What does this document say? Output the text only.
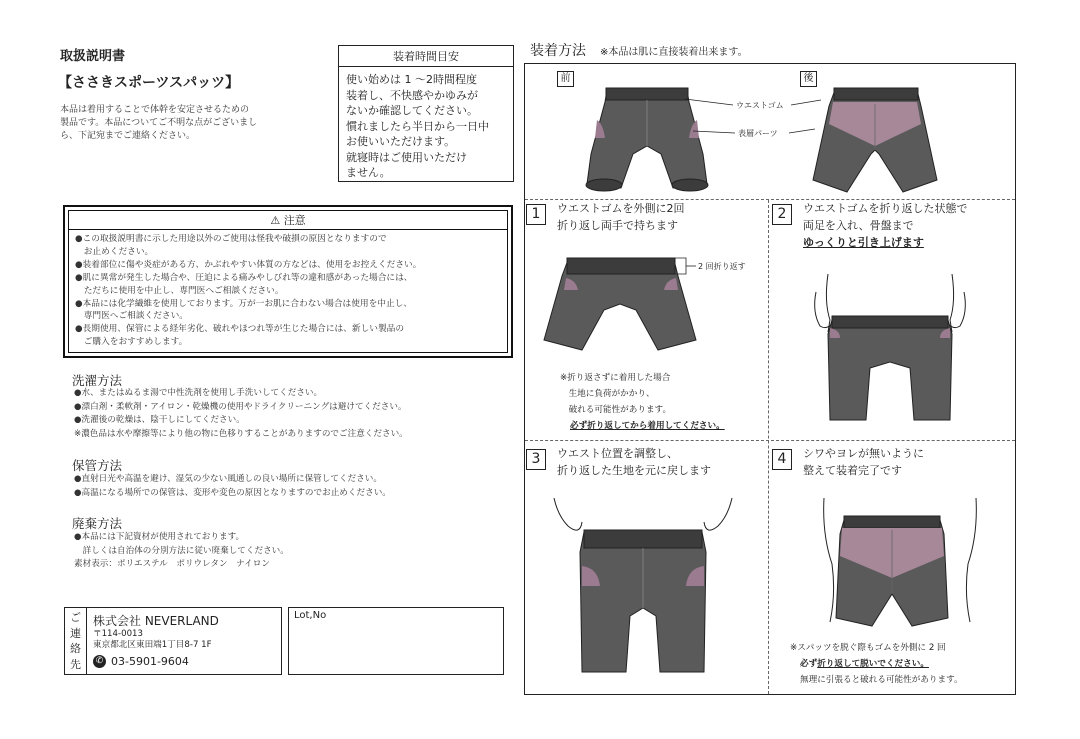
取扱説明書
【ささきスポーツスパッツ】
本品は着用することで体幹を安定させるための
製品です。本品についてご不明な点がございまし
ら、下記宛までご連絡ください。
装着時間目安
使い始めは 1 ～2時間程度
装着し、不快感やかゆみが
ないか確認してください。
慣れましたら半日から一日中
お使いいただけます。
就寝時はご使用いただけ
ません。
⚠ 注意
●この取扱説明書に示した用途以外のご使用は怪我や破損の原因となりますので
　お止めください。
●装着部位に傷や炎症がある方、かぶれやすい体質の方などは、使用をお控えください。
●肌に異常が発生した場合や、圧迫による痛みやしびれ等の違和感があった場合には、
　ただちに使用を中止し、専門医へご相談ください。
●本品には化学繊維を使用しております。万が一お肌に合わない場合は使用を中止し、
　専門医へご相談ください。
●長期使用、保管による経年劣化、破れやほつれ等が生じた場合には、新しい製品の
　ご購入をおすすめします。
洗濯方法
●水、またはぬるま湯で中性洗剤を使用し手洗いしてください。
●漂白剤・柔軟剤・アイロン・乾燥機の使用やドライクリーニングは避けてください。
●洗濯後の乾燥は、陰干しにしてください。
※濃色品は水や摩擦等により他の物に色移りすることがありますのでご注意ください。
保管方法
●直射日光や高温を避け、湿気の少ない風通しの良い場所に保管してください。
●高温になる場所での保管は、変形や変色の原因となりますのでお止めください。
廃棄方法
●本品には下記資材が使用されております。
　詳しくは自治体の分別方法に従い廃棄してください。
素材表示：ポリエステル　ポリウレタン　ナイロン
ご
連
絡
先
株式会社 NEVERLAND
〒114-0013
東京都北区東田端1丁目8-7 1F
✆ 03-5901-9604
Lot,No
装着方法 ※本品は肌に直接装着出来ます。
前	後
ウエストゴム
表層パーツ
1	ウエストゴムを外側に2回
折り返し両手で持ちます
2 回折り返す
※折り返さずに着用した場合
　生地に負荷がかかり、
　破れる可能性があります。
必ず折り返してから着用してください。
2	ウエストゴムを折り返した状態で
両足を入れ、骨盤まで
ゆっくりと引き上げます
3	ウエスト位置を調整し、
折り返した生地を元に戻します
4	シワやヨレが無いように
整えて装着完了です
※スパッツを脱ぐ際もゴムを外側に 2 回
必ず折り返して脱いでください。
無理に引張ると破れる可能性があります。
